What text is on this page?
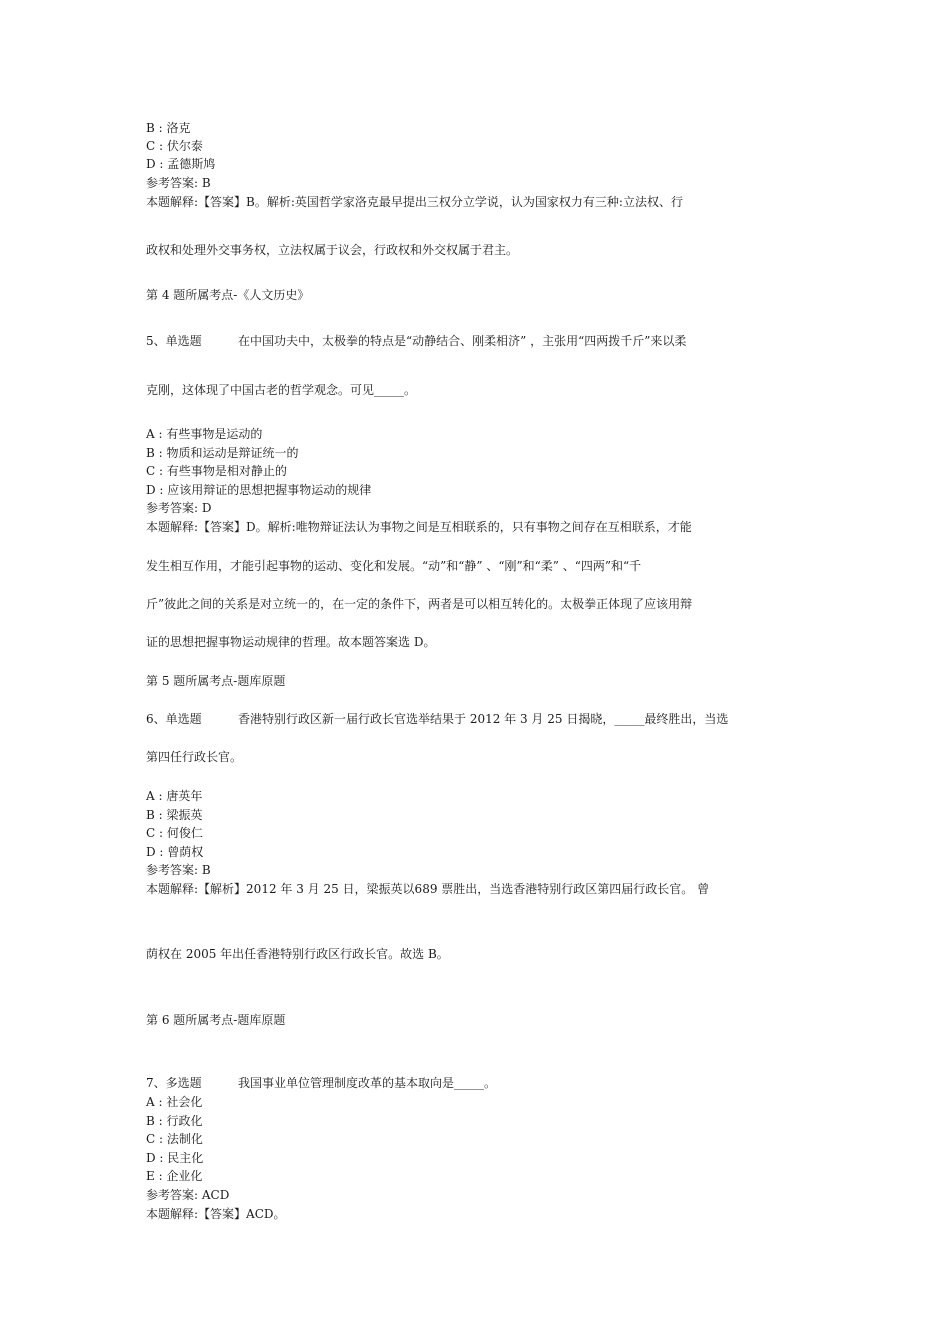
B : 洛克
C : 伏尔泰
D : 孟德斯鸠
参考答案: B
本题解释:【答案】B。解析:英国哲学家洛克最早提出三权分立学说，认为国家权力有三种:立法权、行
政权和处理外交事务权，立法权属于议会，行政权和外交权属于君主。
第 4 题所属考点-《人文历史》
5、单选题	在中国功夫中，太极拳的特点是“动静结合、刚柔相济” ，主张用“四两拨千斤”来以柔
克刚，这体现了中国古老的哲学观念。可见_____。
A : 有些事物是运动的
B : 物质和运动是辩证统一的
C : 有些事物是相对静止的
D : 应该用辩证的思想把握事物运动的规律
参考答案: D
本题解释:【答案】D。解析:唯物辩证法认为事物之间是互相联系的，只有事物之间存在互相联系，才能
发生相互作用，才能引起事物的运动、变化和发展。“动”和“静” 、“刚”和“柔” 、“四两”和“千
斤”彼此之间的关系是对立统一的，在一定的条件下，两者是可以相互转化的。太极拳正体现了应该用辩
证的思想把握事物运动规律的哲理。故本题答案选 D。
第 5 题所属考点-题库原题
6、单选题	香港特别行政区新一届行政长官选举结果于 2012 年 3 月 25 日揭晓，_____最终胜出，当选
第四任行政长官。
A : 唐英年
B : 梁振英
C : 何俊仁
D : 曾荫权
参考答案: B
本题解释:【解析】2012 年 3 月 25 日，梁振英以689 票胜出，当选香港特别行政区第四届行政长官。 曾
荫权在 2005 年出任香港特别行政区行政长官。故选 B。
第 6 题所属考点-题库原题
7、多选题	我国事业单位管理制度改革的基本取向是_____。
A : 社会化
B : 行政化
C : 法制化
D : 民主化
E : 企业化
参考答案: ACD
本题解释:【答案】ACD。
